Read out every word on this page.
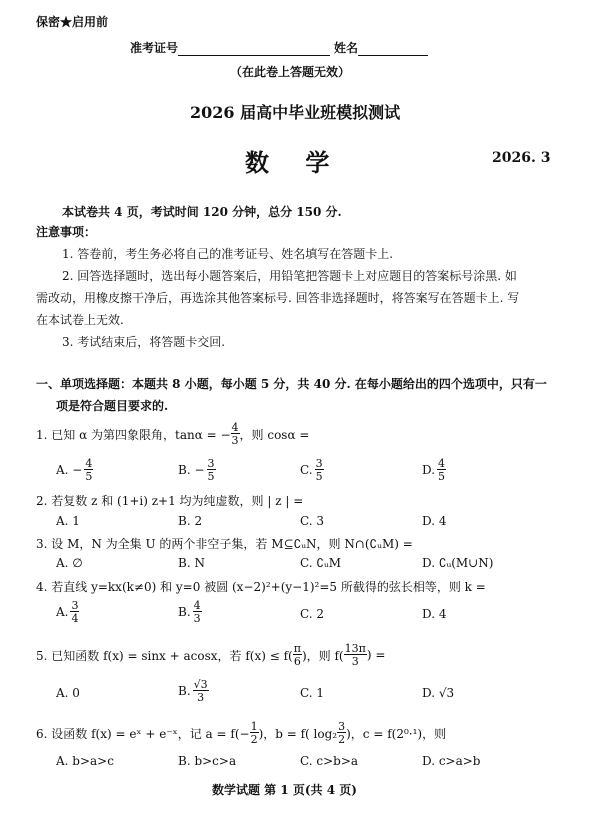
保密★启用前
准考证号	姓名
（在此卷上答题无效）
2026 届高中毕业班模拟测试
数 学	2026. 3
本试卷共 4 页，考试时间 120 分钟，总分 150 分.
注意事项：
1. 答卷前，考生务必将自己的准考证号、姓名填写在答题卡上.
2. 回答选择题时，选出每小题答案后，用铅笔把答题卡上对应题目的答案标号涂黑. 如
需改动，用橡皮擦干净后，再选涂其他答案标号. 回答非选择题时，将答案写在答题卡上. 写
在本试卷上无效.
3. 考试结束后，将答题卡交回.
一、单项选择题：本题共 8 小题，每小题 5 分，共 40 分. 在每小题给出的四个选项中，只有一
项是符合题目要求的.
1. 已知 α 为第四象限角，tanα = − $\frac{4}{3}$ ，则 cosα =
A. − $\frac{4}{5}$	B. − $\frac{3}{5}$	C. $\frac{3}{5}$	D. $\frac{4}{5}$
2. 若复数 z 和 (1+i) z+1 均为纯虚数，则 | z | =
A. 1	B. 2	C. 3	D. 4
3. 设 M，N 为全集 U 的两个非空子集，若 M⊆∁ᵤN，则 N∩(∁ᵤM) =
A. ∅	B. N	C. ∁ᵤM	D. ∁ᵤ(M∪N)
4. 若直线 y=kx(k≠0) 和 y=0 被圆 (x−2)²+(y−1)²=5 所截得的弦长相等，则 k =
A. $\frac{3}{4}$	B. $\frac{4}{3}$	C. 2	D. 4
5. 已知函数 f(x) = sinx + acosx，若 $f(x) \le f( \frac{\pi}{6}$ )，则 $f( \frac{13\pi}{3}$ ) =
A. 0	B. $\frac{√3}{3}$	C. 1	D. √3
6. 设函数 f(x) = eˣ + e⁻ˣ，记 $a = f(- \frac{1}{2}$ )，b = f( $\log_2 \frac{3}{2}$ )，c = f(2⁰·¹)，则
A. b>a>c	B. b>c>a	C. c>b>a	D. c>a>b
数学试题 第 1 页(共 4 页)
